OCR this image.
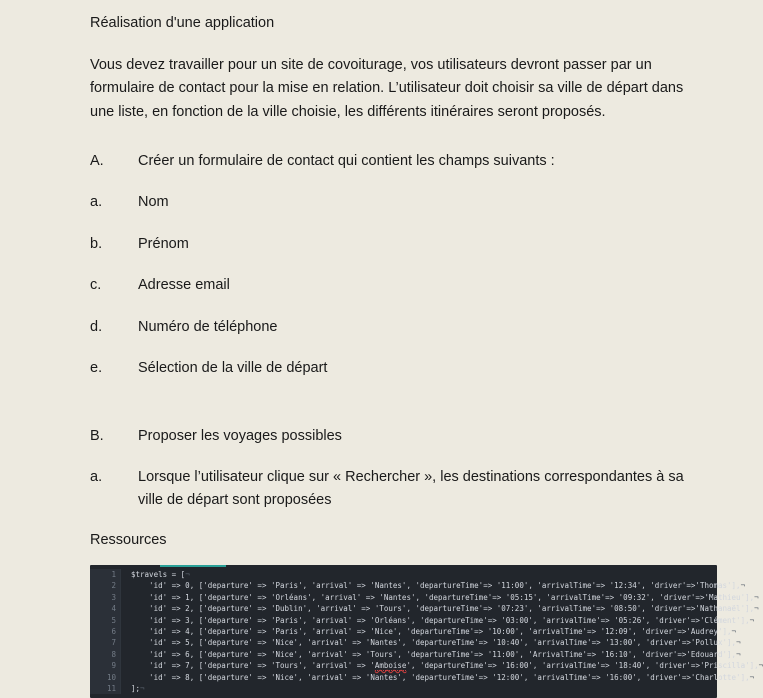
Réalisation d'une application

Vous devez travailler pour un site de covoiturage, vos utilisateurs devront passer par un formulaire de contact pour la mise en relation. L’utilisateur doit choisir sa ville de départ dans une liste, en fonction de la ville choisie, les différents itinéraires seront proposés.

A.	Créer un formulaire de contact qui contient les champs suivants :
a.	Nom
b.	Prénom
c.	Adresse email
d.	Numéro de téléphone
e.	Sélection de la ville de départ
B.	Proposer les voyages possibles
a.	Lorsque l’utilisateur clique sur « Rechercher », les destinations correspondantes à sa ville de départ sont proposées
Ressources
1
2
3
4
5
6
7
8
9
10
11
$travels = [¬
'id' => 0, ['departure' => 'Paris', 'arrival' => 'Nantes', 'departureTime'=> '11:00', 'arrivalTime'=> '12:34', 'driver'=>'Thomas'],¬
'id' => 1, ['departure' => 'Orléans', 'arrival' => 'Nantes', 'departureTime'=> '05:15', 'arrivalTime'=> '09:32', 'driver'=>'Mathieu'],¬
'id' => 2, ['departure' => 'Dublin', 'arrival' => 'Tours', 'departureTime'=> '07:23', 'arrivalTime'=> '08:50', 'driver'=>'Nathanaël'],¬
'id' => 3, ['departure' => 'Paris', 'arrival' => 'Orléans', 'departureTime'=> '03:00', 'arrivalTime'=> '05:26', 'driver'=>'Clément'],¬
'id' => 4, ['departure' => 'Paris', 'arrival' => 'Nice', 'departureTime'=> '10:00', 'arrivalTime'=> '12:09', 'driver'=>'Audrey'],¬
'id' => 5, ['departure' => 'Nice', 'arrival' => 'Nantes', 'departureTime'=> '10:40', 'arrivalTime'=> '13:00', 'driver'=>'Pollux'],¬
'id' => 6, ['departure' => 'Nice', 'arrival' => 'Tours', 'departureTime'=> '11:00', 'ArrivalTime'=> '16:10', 'driver'=>'Edouard'],¬
'id' => 7, ['departure' => 'Tours', 'arrival' => 'Amboise', 'departureTime'=> '16:00', 'arrivalTime'=> '18:40', 'driver'=>'Priscilla'],¬
'id' => 8, ['departure' => 'Nice', 'arrival' => 'Nantes', 'departureTime'=> '12:00', 'arrivalTime'=> '16:00', 'driver'=>'Charlotte'],¬
];¬
